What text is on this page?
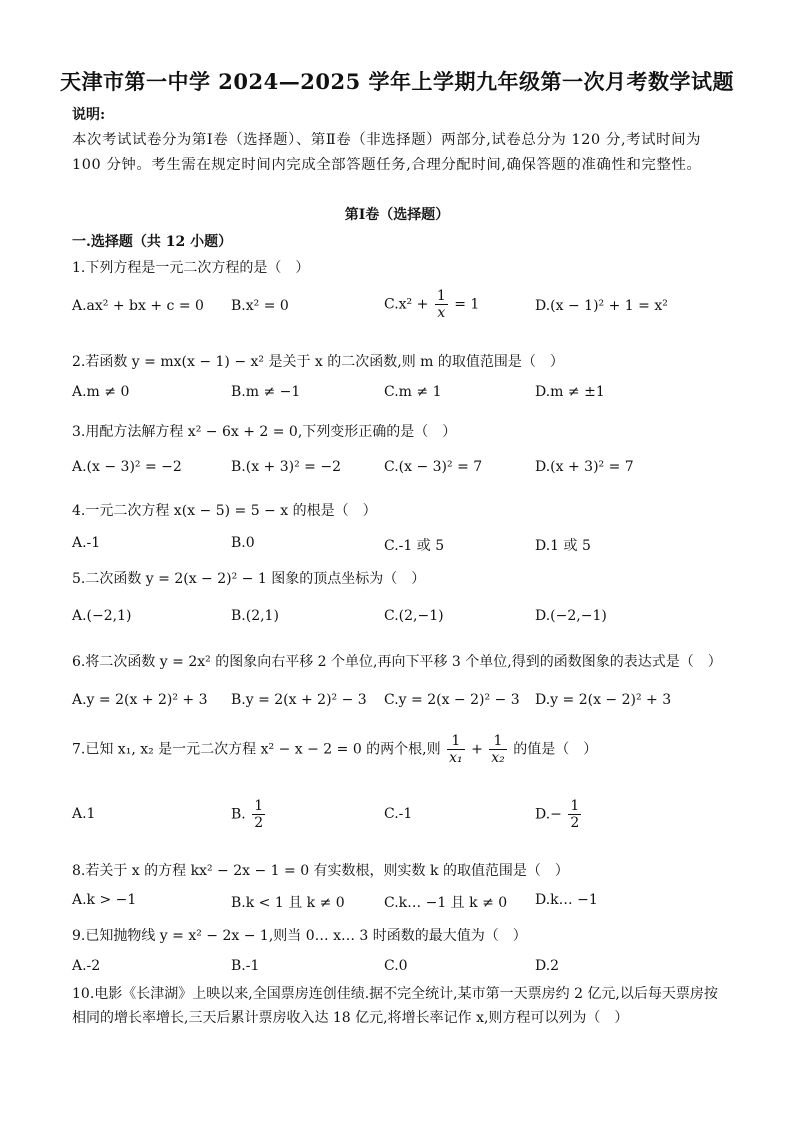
天津市第一中学 2024—2025 学年上学期九年级第一次月考数学试题
说明:
本次考试试卷分为第Ⅰ卷（选择题）、第Ⅱ卷（非选择题）两部分,试卷总分为 120 分,考试时间为 100 分钟。考生需在规定时间内完成全部答题任务,合理分配时间,确保答题的准确性和完整性。
第Ⅰ卷（选择题）
一.选择题（共 12 小题）
1.下列方程是一元二次方程的是（　）
A.ax² + bx + c = 0 B.x² = 0	$C.x^2 + \frac{1}{x} = 1$	D.(x − 1)² + 1 = x²
2.若函数 y = mx(x − 1) − x² 是关于 x 的二次函数,则 m 的取值范围是（　）
A.m ≠ 0	B.m ≠ −1	C.m ≠ 1	D.m ≠ ±1
3.用配方法解方程 x² − 6x + 2 = 0,下列变形正确的是（　）
A.(x − 3)² = −2	B.(x + 3)² = −2	C.(x − 3)² = 7	D.(x + 3)² = 7
4.一元二次方程 x(x − 5) = 5 − x 的根是（　）
A.-1	B.0	C.-1 或 5	D.1 或 5
5.二次函数 y = 2(x − 2)² − 1 图象的顶点坐标为（　）
A.(−2,1)	B.(2,1)	C.(2,−1)	D.(−2,−1)
6.将二次函数 y = 2x² 的图象向右平移 2 个单位,再向下平移 3 个单位,得到的函数图象的表达式是（　）
A.y = 2(x + 2)² + 3 B.y = 2(x + 2)² − 3 C.y = 2(x − 2)² − 3 D.y = 2(x − 2)² + 3
7.已知 x₁, x₂ 是一元二次方程 x² − x − 2 = 0 的两个根,则 $\frac{1}{\text{x₁}} + \frac{1}{\text{x₂}}$ 的值是（　）
A.1	B. $\frac{1}{2}$	C.-1	$D.- \frac{1}{2}$
8.若关于 x 的方程 kx² − 2x − 1 = 0 有实数根，则实数 k 的取值范围是（　）
A.k > −1	B.k < 1 且 k ≠ 0	C.k… −1 且 k ≠ 0 D.k… −1
9.已知抛物线 y = x² − 2x − 1,则当 0… x… 3 时函数的最大值为（　）
A.-2	B.-1	C.0	D.2
10.电影《长津湖》上映以来,全国票房连创佳绩.据不完全统计,某市第一天票房约 2 亿元,以后每天票房按相同的增长率增长,三天后累计票房收入达 18 亿元,将增长率记作 x,则方程可以列为（　）
